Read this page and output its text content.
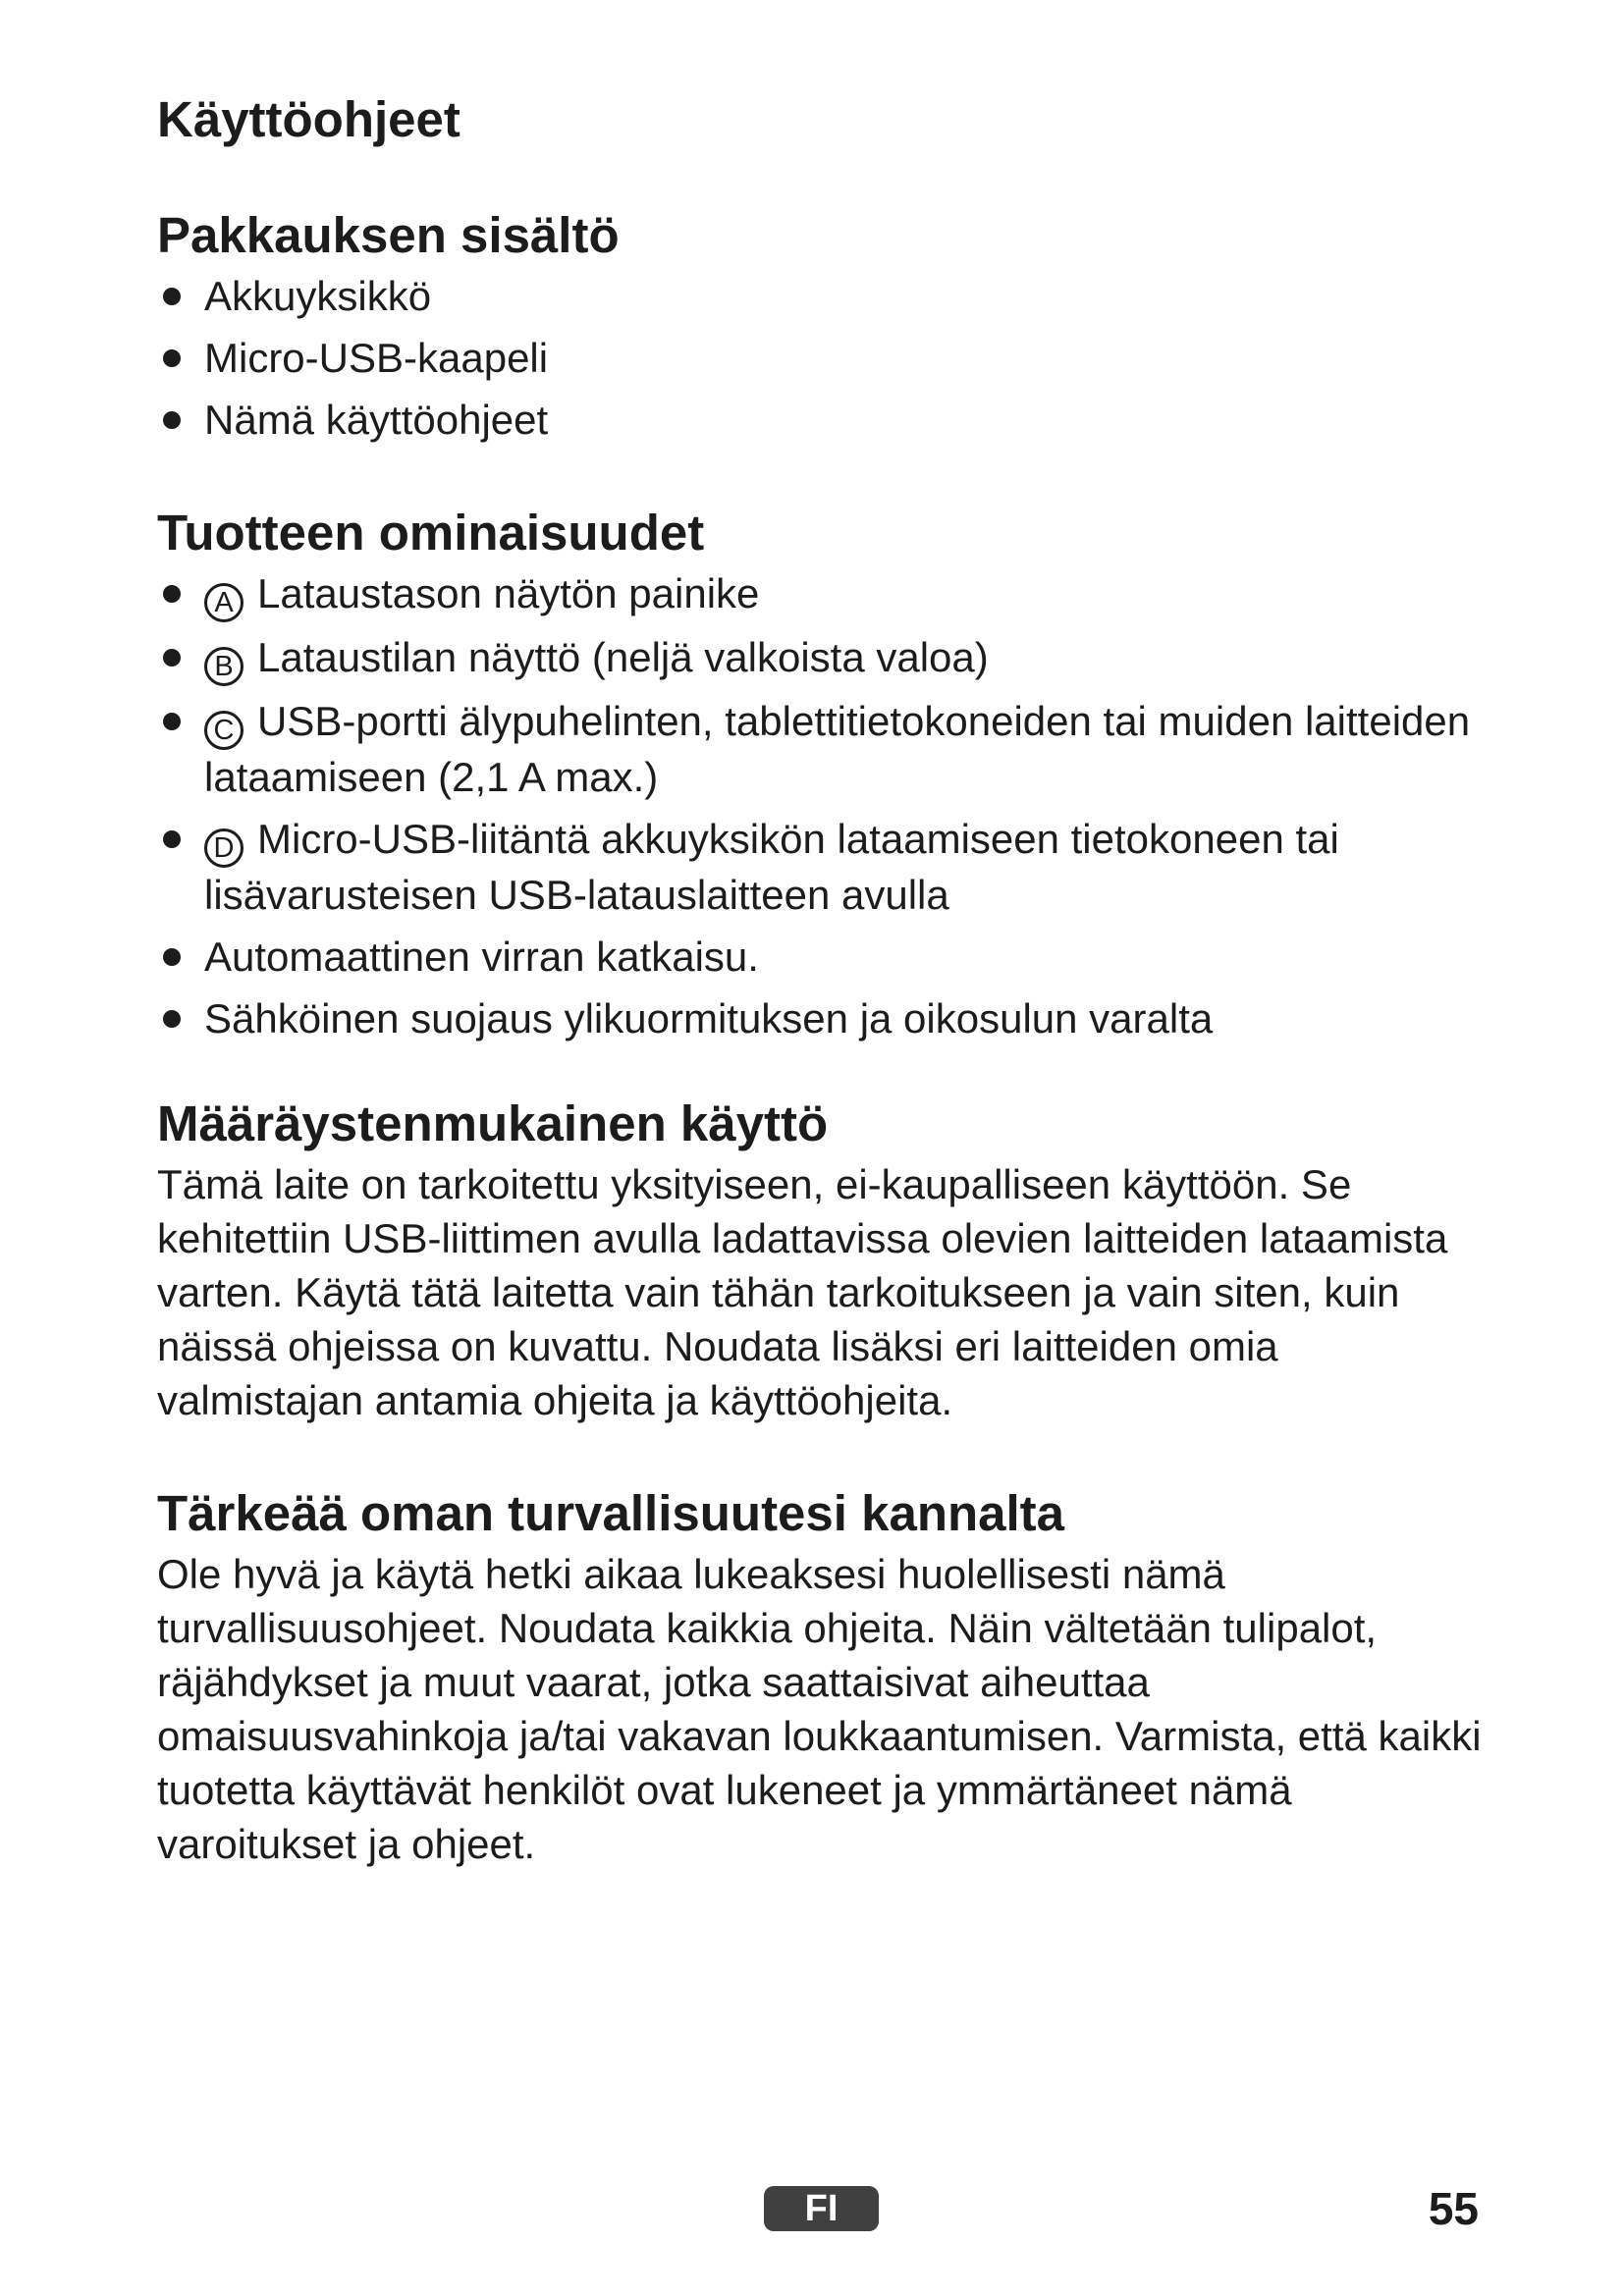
Käyttöohjeet
Pakkauksen sisältö
Akkuyksikkö
Micro-USB-kaapeli
Nämä käyttöohjeet
Tuotteen ominaisuudet
A Lataustason näytön painike
B Lataustilan näyttö (neljä valkoista valoa)
C USB-portti älypuhelinten, tablettitietokoneiden tai muiden laitteiden lataamiseen (2,1 A max.)
D Micro-USB-liitäntä akkuyksikön lataamiseen tietokoneen tai lisävarusteisen USB-latauslaitteen avulla
Automaattinen virran katkaisu.
Sähköinen suojaus ylikuormituksen ja oikosulun varalta
Määräystenmukainen käyttö

Tämä laite on tarkoitettu yksityiseen, ei-kaupalliseen käyttöön. Se kehitettiin USB-liittimen avulla ladattavissa olevien laitteiden lataamista varten. Käytä tätä laitetta vain tähän tarkoitukseen ja vain siten, kuin näissä ohjeissa on kuvattu. Noudata lisäksi eri laitteiden omia valmistajan antamia ohjeita ja käyttöohjeita.

Tärkeää oman turvallisuutesi kannalta

Ole hyvä ja käytä hetki aikaa lukeaksesi huolellisesti nämä turvallisuusohjeet. Noudata kaikkia ohjeita. Näin vältetään tulipalot, räjähdykset ja muut vaarat, jotka saattaisivat aiheuttaa omaisuusvahinkoja ja/tai vakavan loukkaantumisen. Varmista, että kaikki tuotetta käyttävät henkilöt ovat lukeneet ja ymmärtäneet nämä varoitukset ja ohjeet.

FI	55
